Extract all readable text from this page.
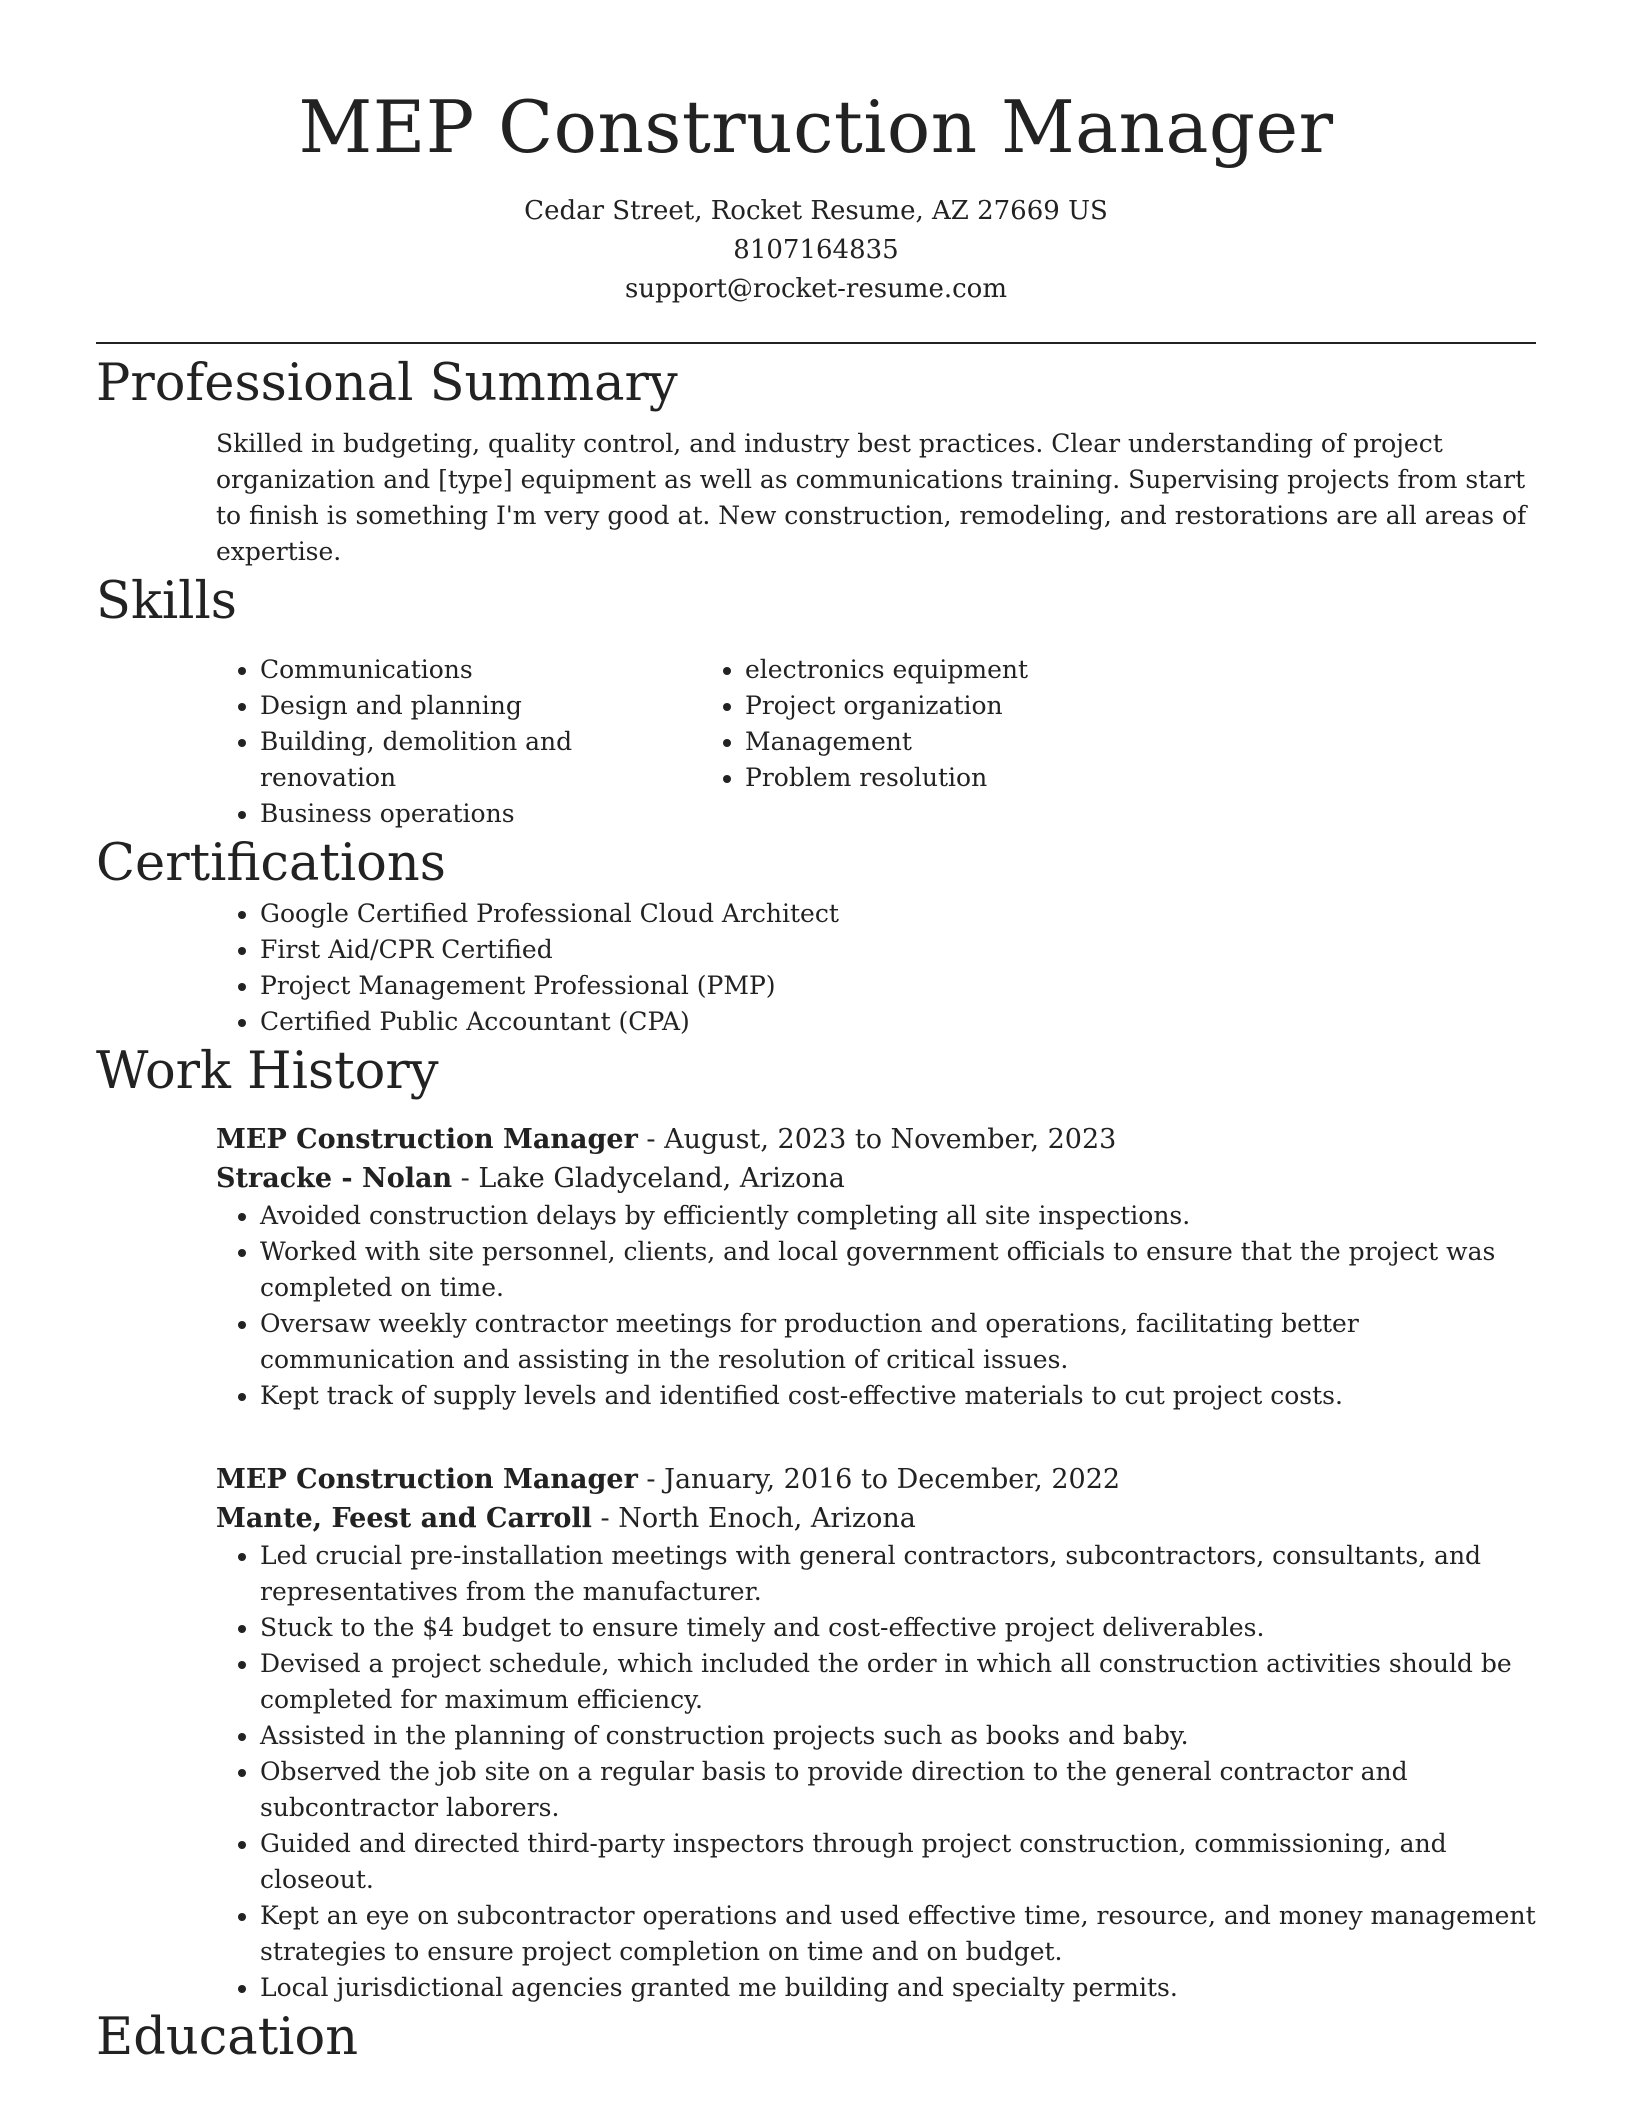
MEP Construction Manager
Cedar Street, Rocket Resume, AZ 27669 US
8107164835
support@rocket-resume.com
Professional Summary

Skilled in budgeting, quality control, and industry best practices. Clear understanding of project organization and [type] equipment as well as communications training. Supervising projects from start to finish is something I'm very good at. New construction, remodeling, and restorations are all areas of expertise.

Skills
• Communications
• Design and planning
• Building, demolition and renovation
• Business operations
• electronics equipment
• Project organization
• Management
• Problem resolution
Certifications
• Google Certified Professional Cloud Architect
• First Aid/CPR Certified
• Project Management Professional (PMP)
• Certified Public Accountant (CPA)
Work History
MEP Construction Manager - August, 2023 to November, 2023
Stracke - Nolan - Lake Gladyceland, Arizona
• Avoided construction delays by efficiently completing all site inspections.
• Worked with site personnel, clients, and local government officials to ensure that the project was completed on time.
• Oversaw weekly contractor meetings for production and operations, facilitating better communication and assisting in the resolution of critical issues.
• Kept track of supply levels and identified cost-effective materials to cut project costs.
MEP Construction Manager - January, 2016 to December, 2022
Mante, Feest and Carroll - North Enoch, Arizona
• Led crucial pre-installation meetings with general contractors, subcontractors, consultants, and representatives from the manufacturer.
• Stuck to the $4 budget to ensure timely and cost-effective project deliverables.
• Devised a project schedule, which included the order in which all construction activities should be completed for maximum efficiency.
• Assisted in the planning of construction projects such as books and baby.
• Observed the job site on a regular basis to provide direction to the general contractor and subcontractor laborers.
• Guided and directed third-party inspectors through project construction, commissioning, and closeout.
• Kept an eye on subcontractor operations and used effective time, resource, and money management strategies to ensure project completion on time and on budget.
• Local jurisdictional agencies granted me building and specialty permits.
Education
